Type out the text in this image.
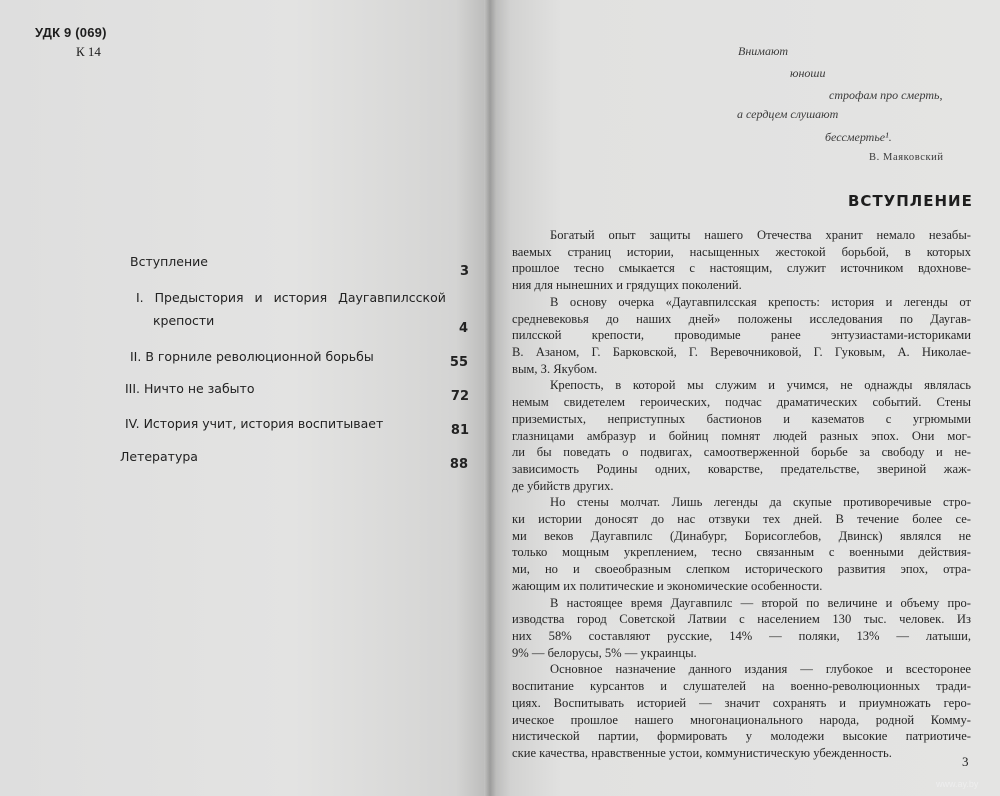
УДК 9 (069)
К 14
Вступление
3
I. Предыстория и история Даугавпилсской
крепости
4
II. В горниле революционной борьбы	55
III. Ничто не забыто
72
IV. История учит, история воспитывает	81
Летература
88
Внимают
юноши
строфам про смерть,
а сердцем слушают
бессмертье¹.
В. Маяковский
ВСТУПЛЕНИЕ
Богатый опыт защиты нашего Отечества хранит немало незабы-
ваемых страниц истории, насыщенных жестокой борьбой, в которых
прошлое тесно смыкается с настоящим, служит источником вдохнове-
ния для нынешних и грядущих поколений.
В основу очерка «Даугавпилсская крепость: история и легенды от
средневековья до наших дней» положены исследования по Даугав-
пилсской крепости, проводимые ранее энтузиастами-историками
В. Азаном, Г. Барковской, Г. Веревочниковой, Г. Гуковым, А. Николае-
вым, З. Якубом.
Крепость, в которой мы служим и учимся, не однажды являлась
немым свидетелем героических, подчас драматических событий. Стены
приземистых, неприступных бастионов и казематов с угрюмыми
глазницами амбразур и бойниц помнят людей разных эпох. Они мог-
ли бы поведать о подвигах, самоотверженной борьбе за свободу и не-
зависимость Родины одних, коварстве, предательстве, звериной жаж-
де убийств других.
Но стены молчат. Лишь легенды да скупые противоречивые стро-
ки истории доносят до нас отзвуки тех дней. В течение более се-
ми веков Даугавпилс (Динабург, Борисоглебов, Двинск) являлся не
только мощным укреплением, тесно связанным с военными действия-
ми, но и своеобразным слепком исторического развития эпох, отра-
жающим их политические и экономические особенности.
В настоящее время Даугавпилс — второй по величине и объему про-
изводства город Советской Латвии с населением 130 тыс. человек. Из
них 58% составляют русские, 14% — поляки, 13% — латыши,
9% — белорусы, 5% — украинцы.
Основное назначение данного издания — глубокое и всесторонее
воспитание курсантов и слушателей на военно-революционных тради-
циях. Воспитывать историей — значит сохранять и приумножать геро-
ическое прошлое нашего многонационального народа, родной Комму-
нистической партии, формировать у молодежи высокие патриотиче-
ские качества, нравственные устои, коммунистическую убежденность.
3
www.ay.by
